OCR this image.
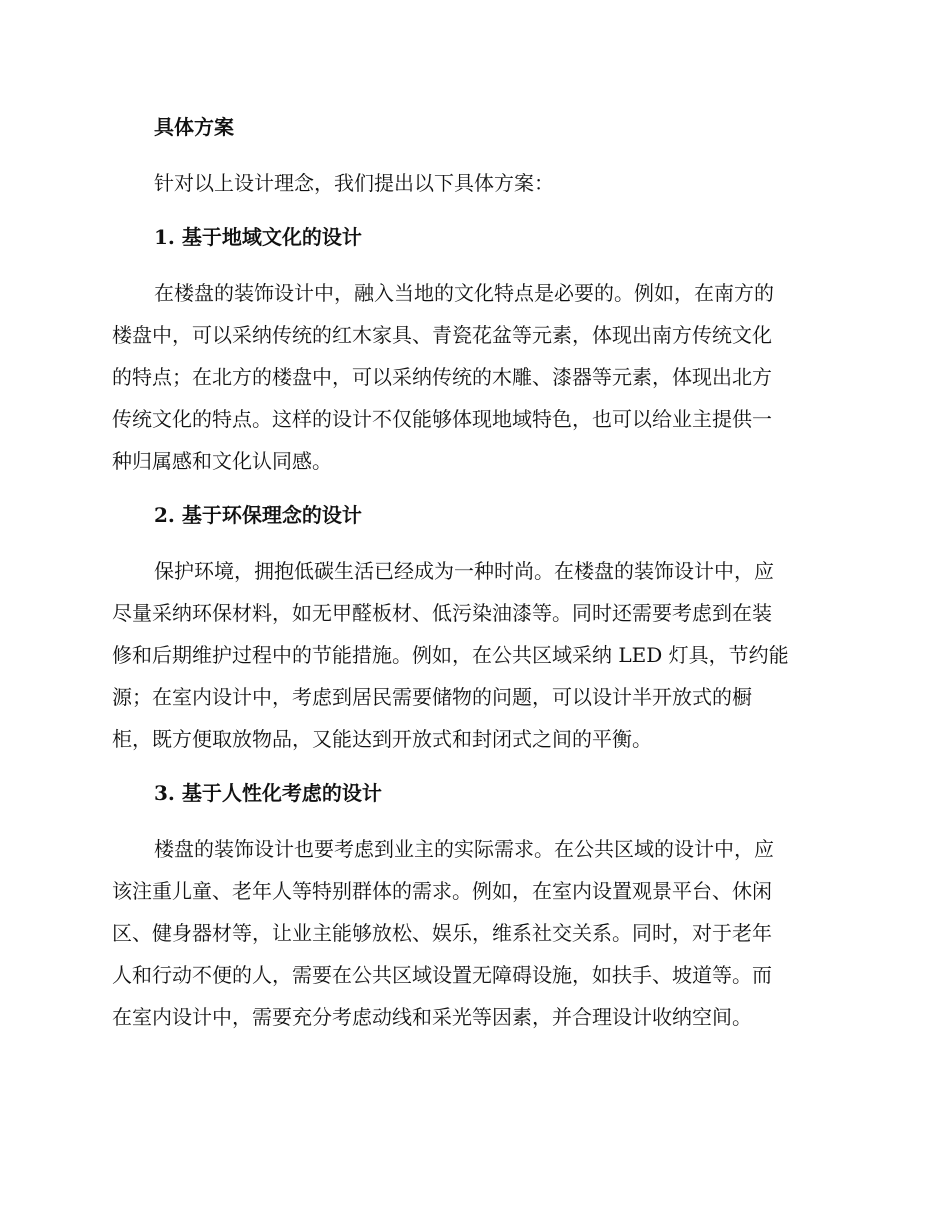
具体方案

针对以上设计理念，我们提出以下具体方案：

1. 基于地域文化的设计

在楼盘的装饰设计中，融入当地的文化特点是必要的。例如，在南方的
楼盘中，可以采纳传统的红木家具、青瓷花盆等元素，体现出南方传统文化
的特点；在北方的楼盘中，可以采纳传统的木雕、漆器等元素，体现出北方
传统文化的特点。这样的设计不仅能够体现地域特色，也可以给业主提供一
种归属感和文化认同感。

2. 基于环保理念的设计

保护环境，拥抱低碳生活已经成为一种时尚。在楼盘的装饰设计中，应
尽量采纳环保材料，如无甲醛板材、低污染油漆等。同时还需要考虑到在装
修和后期维护过程中的节能措施。例如，在公共区域采纳 LED 灯具，节约能
源；在室内设计中，考虑到居民需要储物的问题，可以设计半开放式的橱
柜，既方便取放物品，又能达到开放式和封闭式之间的平衡。

3. 基于人性化考虑的设计

楼盘的装饰设计也要考虑到业主的实际需求。在公共区域的设计中，应
该注重儿童、老年人等特别群体的需求。例如，在室内设置观景平台、休闲
区、健身器材等，让业主能够放松、娱乐，维系社交关系。同时，对于老年
人和行动不便的人，需要在公共区域设置无障碍设施，如扶手、坡道等。而
在室内设计中，需要充分考虑动线和采光等因素，并合理设计收纳空间。
